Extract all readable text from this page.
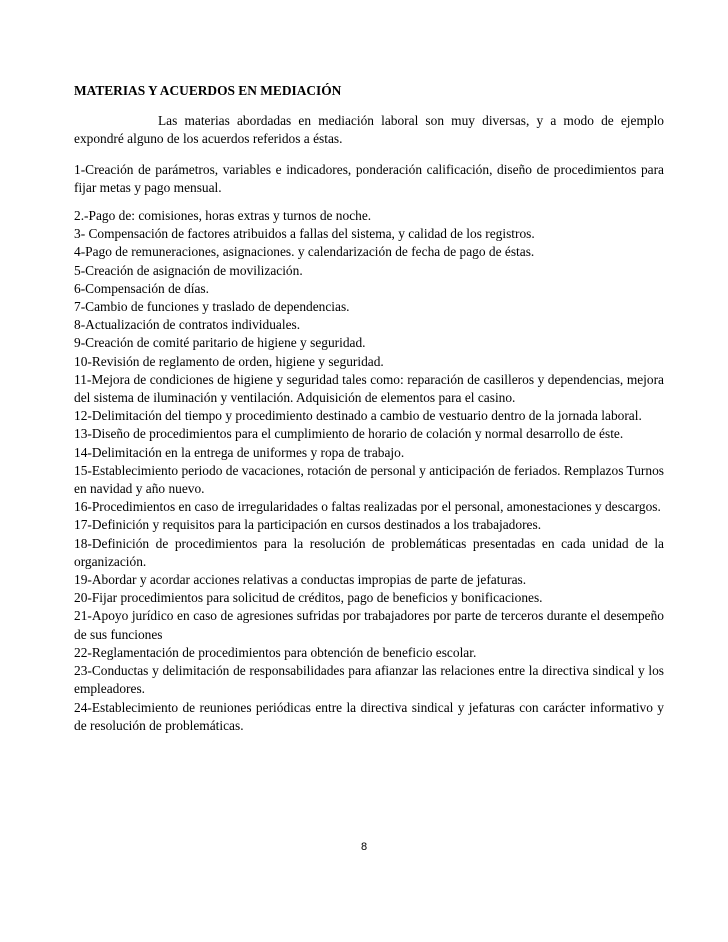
MATERIAS Y ACUERDOS EN MEDIACIÓN

Las materias abordadas en mediación laboral son muy diversas, y a modo de ejemplo expondré alguno de los acuerdos referidos a éstas.

1-Creación de parámetros, variables e indicadores, ponderación calificación, diseño de procedimientos para fijar metas y pago mensual.

2.-Pago de: comisiones, horas extras y turnos de noche.
3- Compensación de factores atribuidos a fallas del sistema, y calidad de los registros.
4-Pago de remuneraciones, asignaciones. y calendarización de fecha de pago de éstas.
5-Creación de asignación de movilización.
6-Compensación de días.
7-Cambio de funciones y traslado de dependencias.
8-Actualización de contratos individuales.
9-Creación de comité paritario de higiene y seguridad.
10-Revisión de reglamento de orden, higiene y seguridad.
11-Mejora de condiciones de higiene y seguridad tales como: reparación de casilleros y dependencias, mejora del sistema de iluminación y ventilación. Adquisición de elementos para el casino.
12-Delimitación del tiempo y procedimiento destinado a cambio de vestuario dentro de la jornada laboral.
13-Diseño de procedimientos para el cumplimiento de horario de colación y normal desarrollo de éste.
14-Delimitación en la entrega de uniformes y ropa de trabajo.
15-Establecimiento periodo de vacaciones, rotación de personal y anticipación de feriados. Remplazos Turnos en navidad y año nuevo.
16-Procedimientos en caso de irregularidades o faltas realizadas por el personal, amonestaciones y descargos.
17-Definición y requisitos para la participación en cursos destinados a los trabajadores.
18-Definición de procedimientos para la resolución de problemáticas presentadas en cada unidad de la organización.
19-Abordar y acordar acciones relativas a conductas impropias de parte de jefaturas.
20-Fijar procedimientos para solicitud de créditos, pago de beneficios y bonificaciones.
21-Apoyo jurídico en caso de agresiones sufridas por trabajadores por parte de terceros durante el desempeño de sus funciones
22-Reglamentación de procedimientos para obtención de beneficio escolar.
23-Conductas y delimitación de responsabilidades para afianzar las relaciones entre la directiva sindical y los empleadores.
24-Establecimiento de reuniones periódicas entre la directiva sindical y jefaturas con carácter informativo y de resolución de problemáticas.
8
